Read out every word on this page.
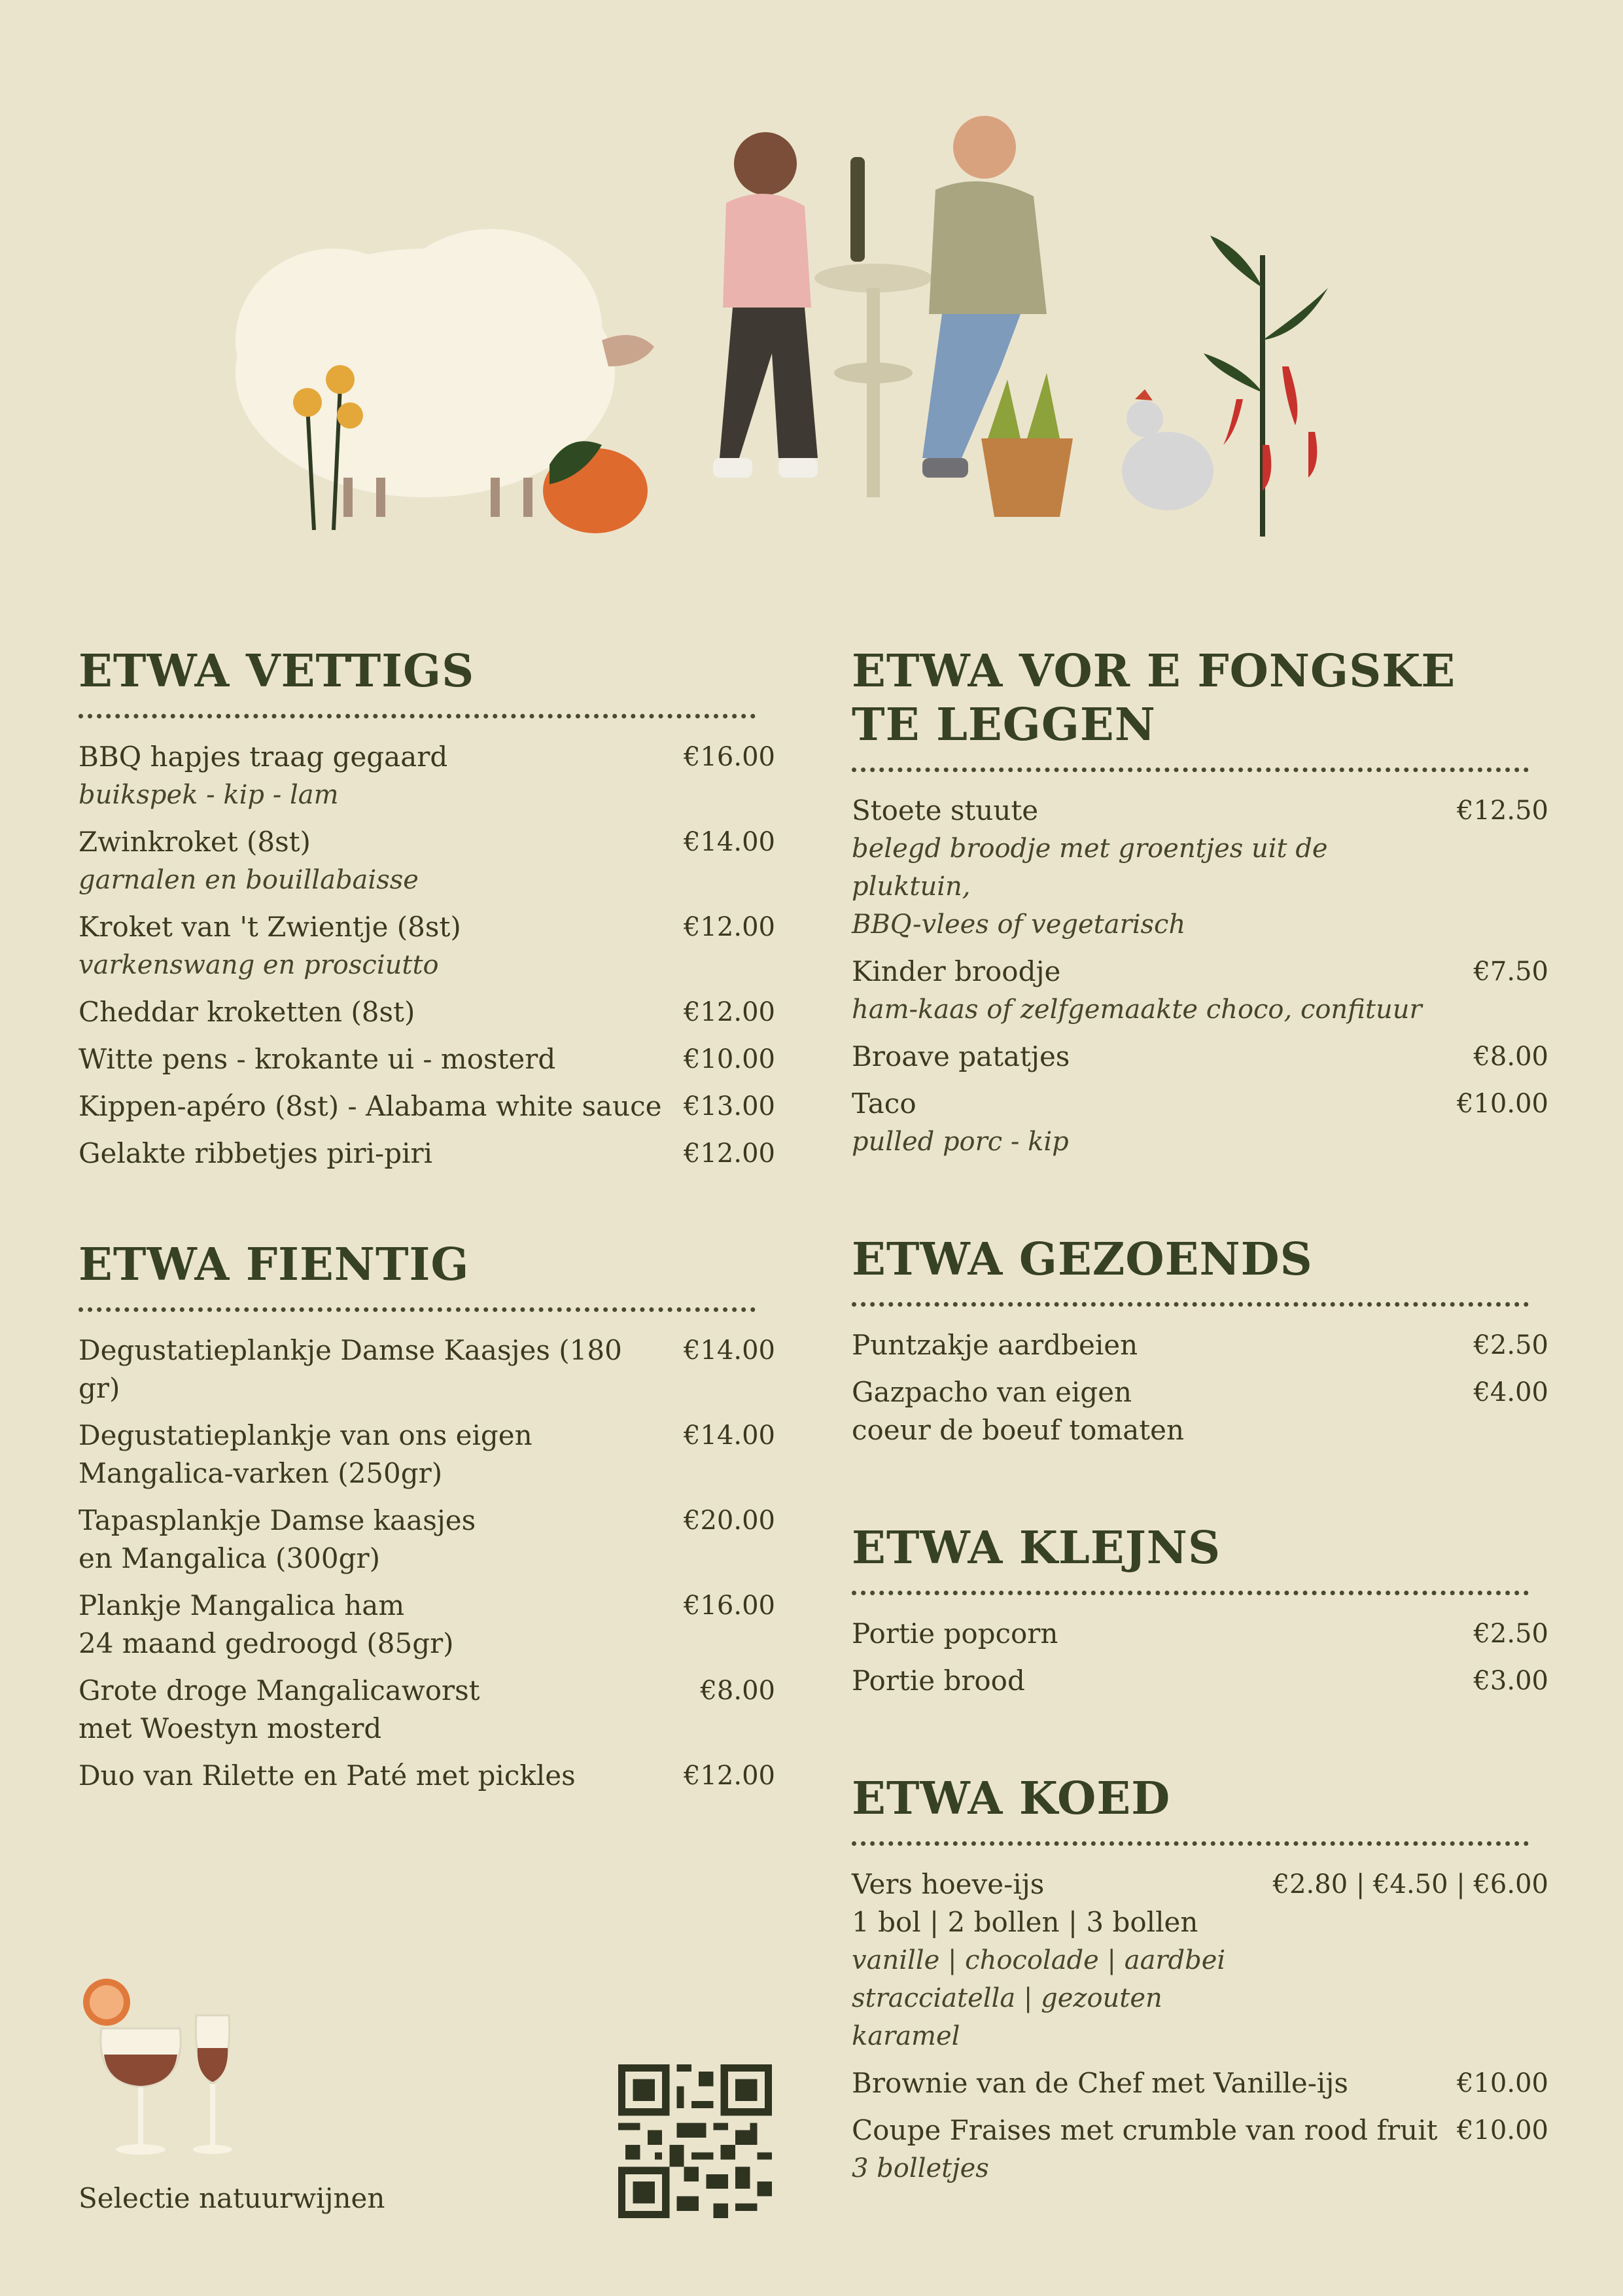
ETWA VETTIGS
BBQ hapjes traag gegaard
buikspek - kip - lam
€16.00
Zwinkroket (8st)
garnalen en bouillabaisse
€14.00
Kroket van 't Zwientje (8st)
varkenswang en prosciutto
€12.00
Cheddar kroketten (8st)	€12.00
Witte pens - krokante ui - mosterd	€10.00
Kippen-apéro (8st) - Alabama white sauce €13.00
Gelakte ribbetjes piri-piri	€12.00
ETWA FIENTIG
Degustatieplankje Damse Kaasjes (180 gr)
€14.00
Degustatieplankje van ons eigen
Mangalica-varken (250gr)
€14.00
Tapasplankje Damse kaasjes
en Mangalica (300gr)
€20.00
Plankje Mangalica ham
24 maand gedroogd (85gr)
€16.00
Grote droge Mangalicaworst
met Woestyn mosterd
€8.00
Duo van Rilette en Paté met pickles	€12.00
ETWA VOR E FONGSKE
TE LEGGEN
Stoete stuute
belegd broodje met groentjes uit de pluktuin,
BBQ-vlees of vegetarisch
€12.50
Kinder broodje
ham-kaas of zelfgemaakte choco, confituur
€7.50
Broave patatjes	€8.00
Taco
pulled porc - kip
€10.00
ETWA GEZOENDS
Puntzakje aardbeien	€2.50
Gazpacho van eigen
coeur de boeuf tomaten
€4.00
ETWA KLEJNS
Portie popcorn	€2.50
Portie brood	€3.00
ETWA KOED
Vers hoeve-ijs
1 bol | 2 bollen | 3 bollen
vanille | chocolade | aardbei
stracciatella | gezouten karamel
€2.80 | €4.50 | €6.00
Brownie van de Chef met Vanille-ijs	€10.00
Coupe Fraises met crumble van rood fruit
3 bolletjes
€10.00
Selectie natuurwijnen
